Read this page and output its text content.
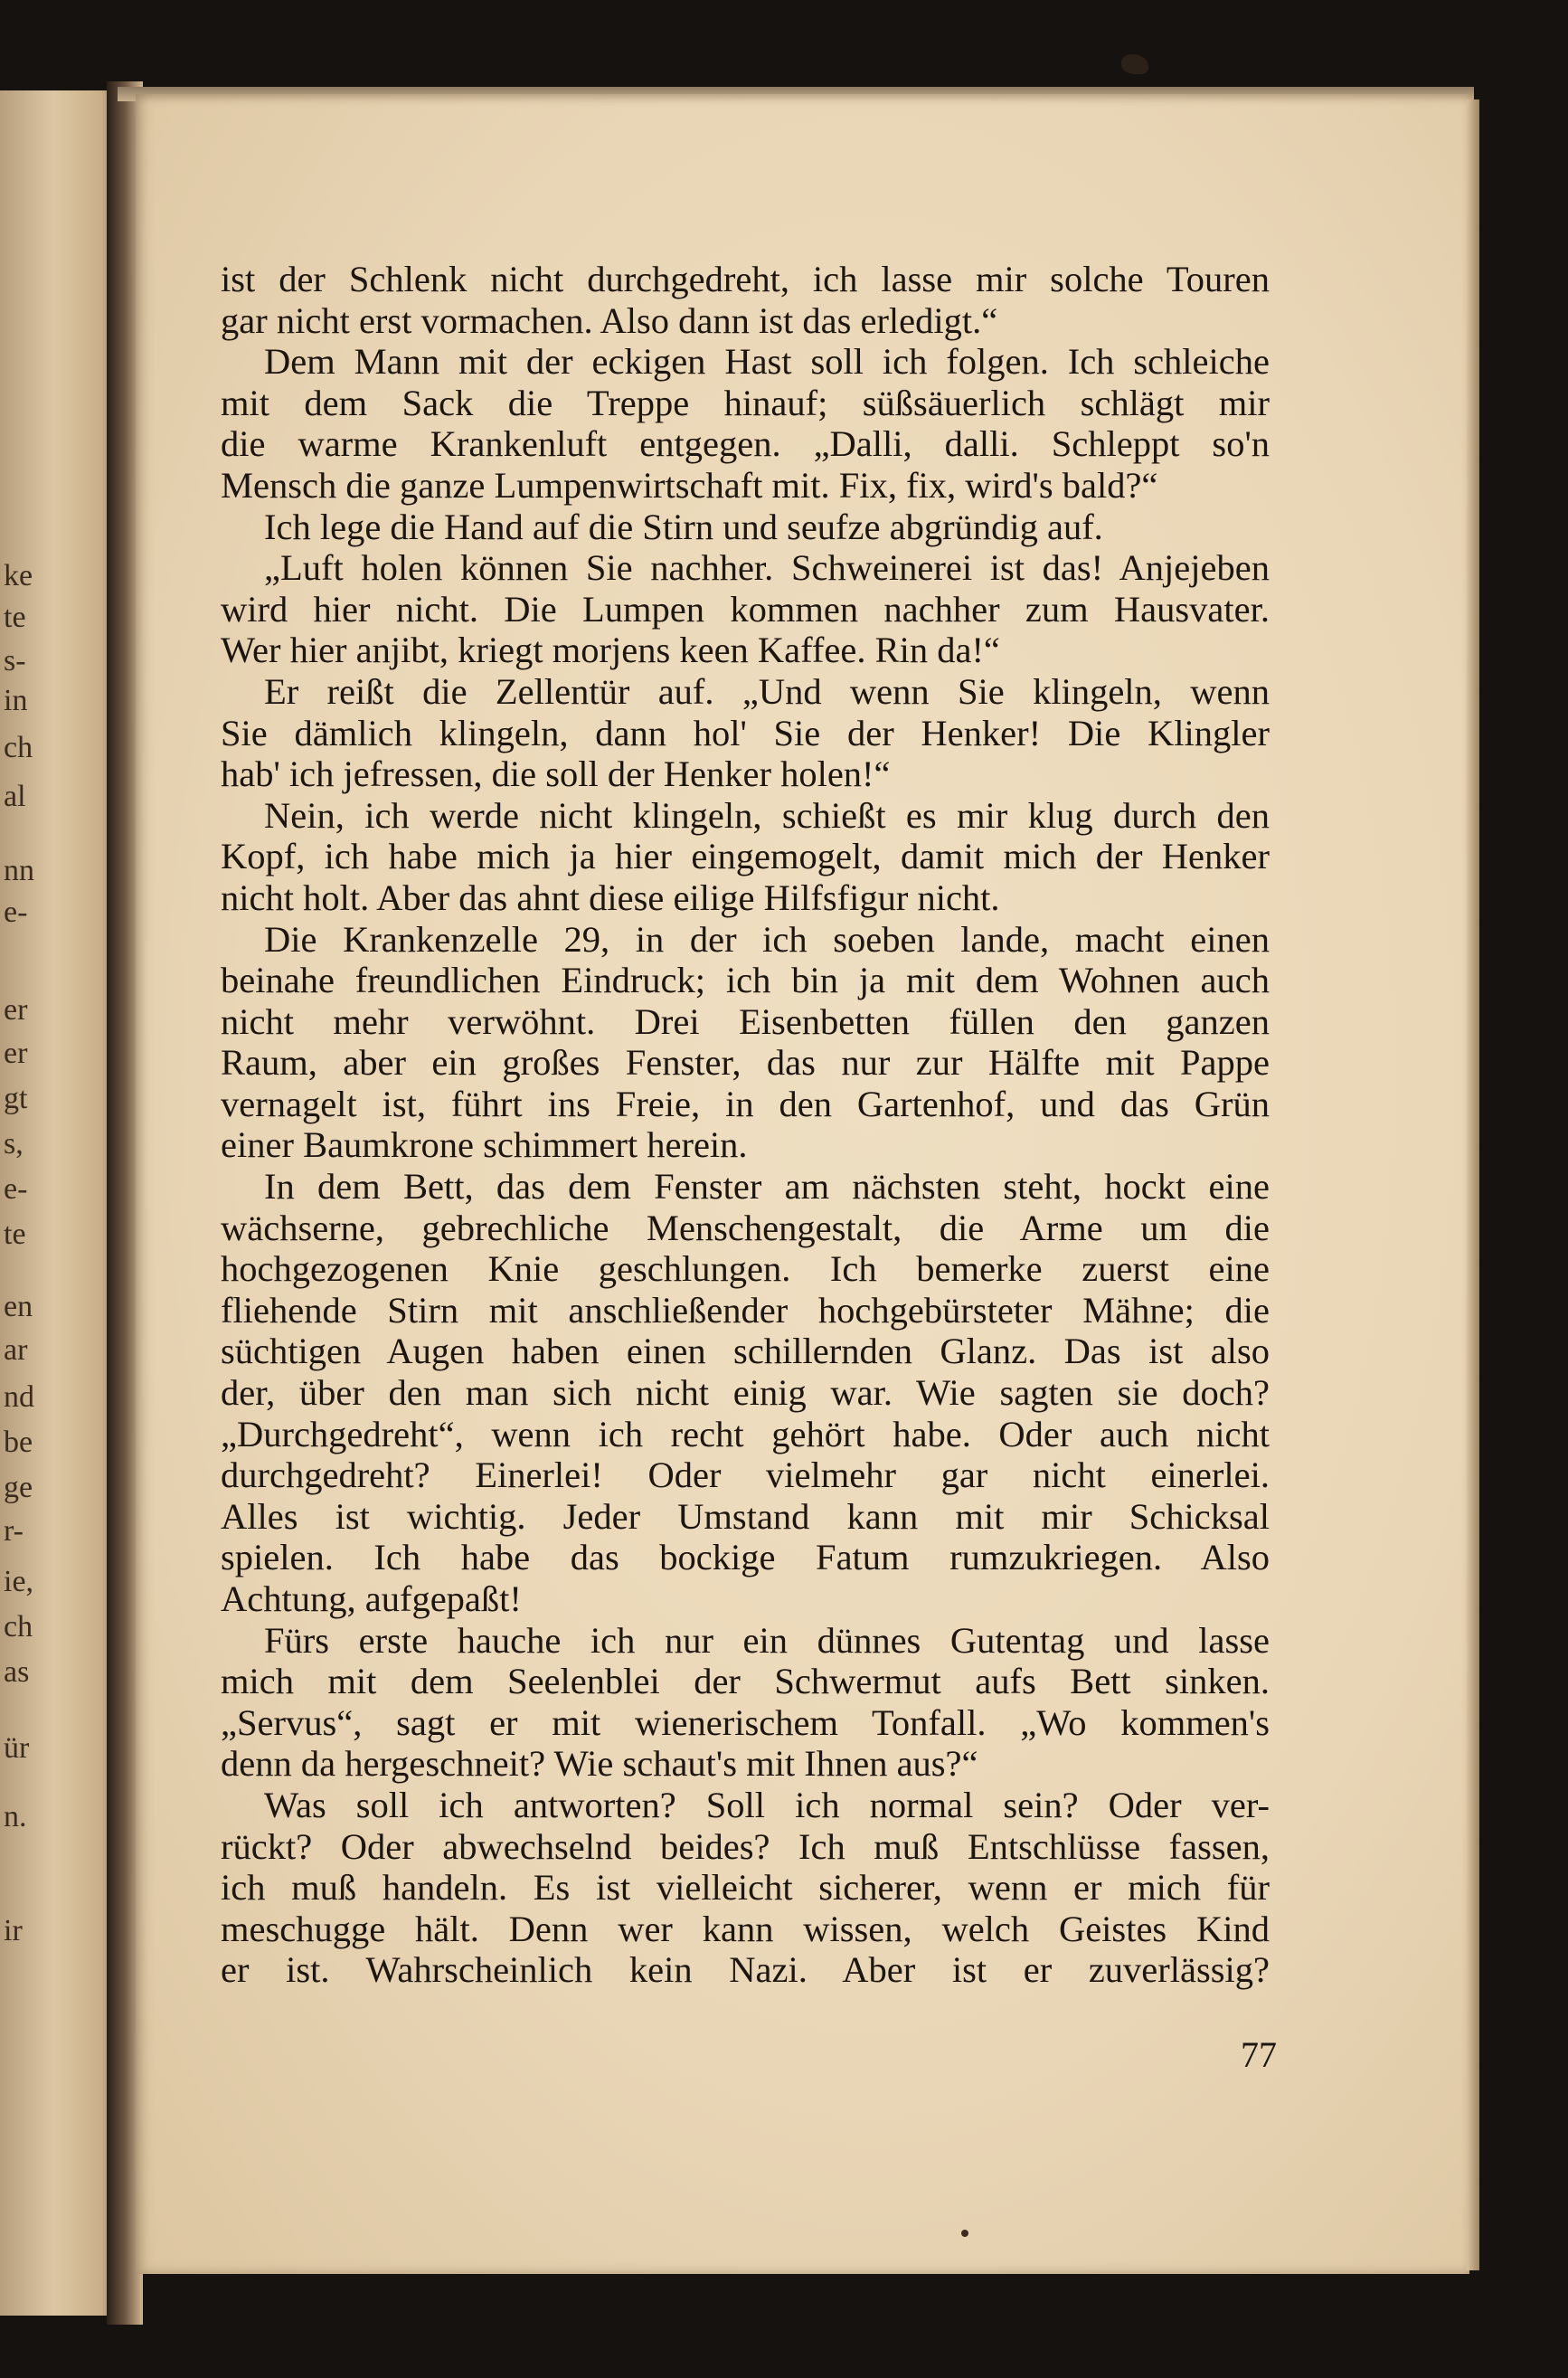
ke
te
s-
in
ch
al
nn
e-
er
er
gt
s,
e-
te
en
ar
nd
be
ge
r-
ie,
ch
as
ür
n.
ir
ist der Schlenk nicht durchgedreht, ich lasse mir solche Touren
gar nicht erst vormachen. Also dann ist das erledigt.“
Dem Mann mit der eckigen Hast soll ich folgen. Ich schleiche
mit dem Sack die Treppe hinauf; süßsäuerlich schlägt mir
die warme Krankenluft entgegen. „Dalli, dalli. Schleppt so'n
Mensch die ganze Lumpenwirtschaft mit. Fix, fix, wird's bald?“
Ich lege die Hand auf die Stirn und seufze abgründig auf.
„Luft holen können Sie nachher. Schweinerei ist das! Anjejeben
wird hier nicht. Die Lumpen kommen nachher zum Hausvater.
Wer hier anjibt, kriegt morjens keen Kaffee. Rin da!“
Er reißt die Zellentür auf. „Und wenn Sie klingeln, wenn
Sie dämlich klingeln, dann hol' Sie der Henker! Die Klingler
hab' ich jefressen, die soll der Henker holen!“
Nein, ich werde nicht klingeln, schießt es mir klug durch den
Kopf, ich habe mich ja hier eingemogelt, damit mich der Henker
nicht holt. Aber das ahnt diese eilige Hilfsfigur nicht.
Die Krankenzelle 29, in der ich soeben lande, macht einen
beinahe freundlichen Eindruck; ich bin ja mit dem Wohnen auch
nicht mehr verwöhnt. Drei Eisenbetten füllen den ganzen
Raum, aber ein großes Fenster, das nur zur Hälfte mit Pappe
vernagelt ist, führt ins Freie, in den Gartenhof, und das Grün
einer Baumkrone schimmert herein.
In dem Bett, das dem Fenster am nächsten steht, hockt eine
wächserne, gebrechliche Menschengestalt, die Arme um die
hochgezogenen Knie geschlungen. Ich bemerke zuerst eine
fliehende Stirn mit anschließender hochgebürsteter Mähne; die
süchtigen Augen haben einen schillernden Glanz. Das ist also
der, über den man sich nicht einig war. Wie sagten sie doch?
„Durchgedreht“, wenn ich recht gehört habe. Oder auch nicht
durchgedreht? Einerlei! Oder vielmehr gar nicht einerlei.
Alles ist wichtig. Jeder Umstand kann mit mir Schicksal
spielen. Ich habe das bockige Fatum rumzukriegen. Also
Achtung, aufgepaßt!
Fürs erste hauche ich nur ein dünnes Gutentag und lasse
mich mit dem Seelenblei der Schwermut aufs Bett sinken.
„Servus“, sagt er mit wienerischem Tonfall. „Wo kommen's
denn da hergeschneit? Wie schaut's mit Ihnen aus?“
Was soll ich antworten? Soll ich normal sein? Oder ver-
rückt? Oder abwechselnd beides? Ich muß Entschlüsse fassen,
ich muß handeln. Es ist vielleicht sicherer, wenn er mich für
meschugge hält. Denn wer kann wissen, welch Geistes Kind
er ist. Wahrscheinlich kein Nazi. Aber ist er zuverlässig?
77
